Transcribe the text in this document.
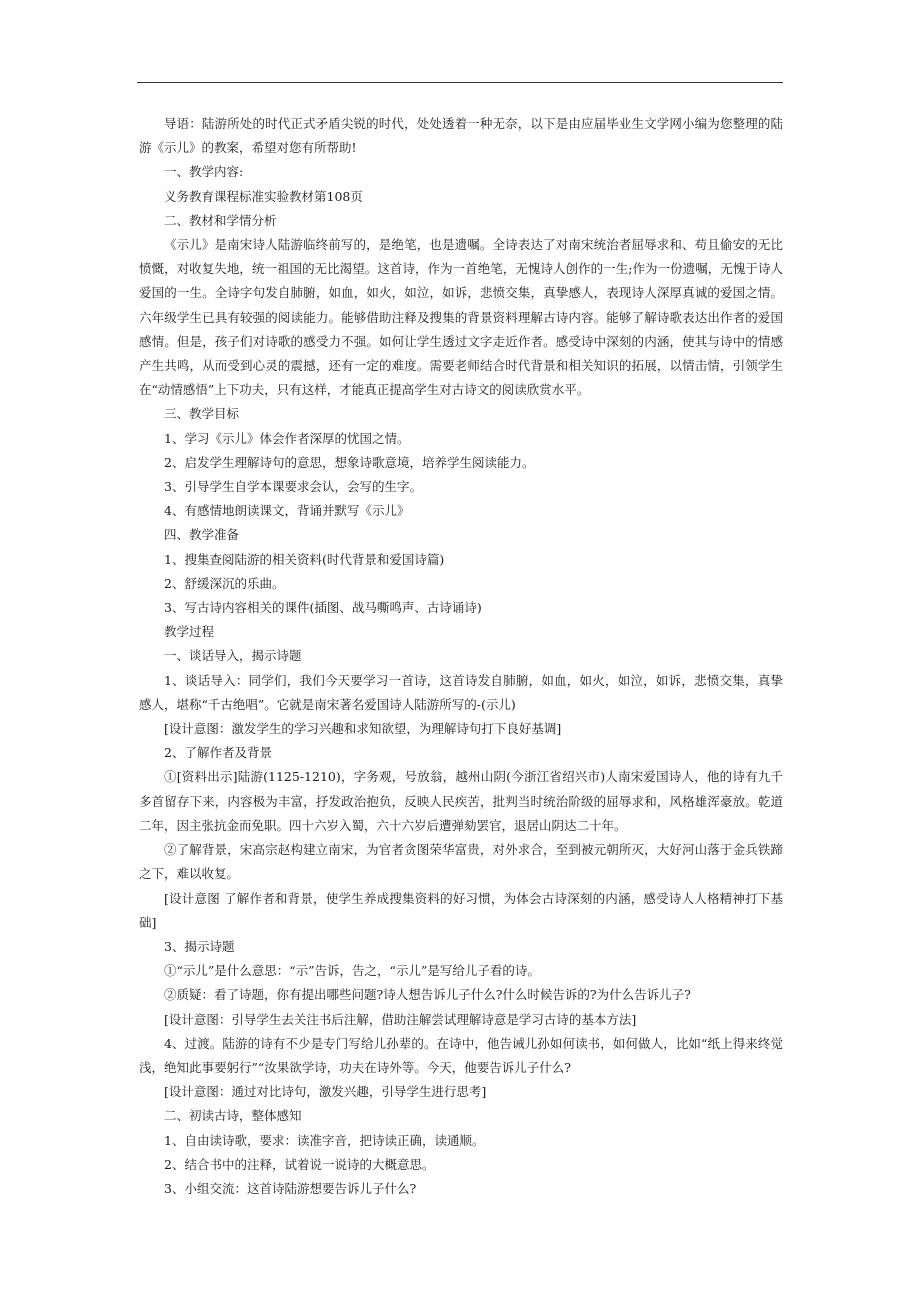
导语：陆游所处的时代正式矛盾尖锐的时代，处处透着一种无奈，以下是由应届毕业生文学网小编为您整理的陆游《示儿》的教案，希望对您有所帮助!

一、教学内容:

义务教育课程标准实验教材第108页

二、教材和学情分析

《示儿》是南宋诗人陆游临终前写的，是绝笔，也是遗嘱。全诗表达了对南宋统治者屈辱求和、苟且偷安的无比愤慨，对收复失地，统一祖国的无比渴望。这首诗，作为一首绝笔，无愧诗人创作的一生;作为一份遗嘱，无愧于诗人爱国的一生。全诗字句发自肺腑，如血，如火，如泣，如诉，悲愤交集，真挚感人，表现诗人深厚真诚的爱国之情。六年级学生已具有较强的阅读能力。能够借助注释及搜集的背景资料理解古诗内容。能够了解诗歌表达出作者的爱国感情。但是，孩子们对诗歌的感受力不强。如何让学生透过文字走近作者。感受诗中深刻的内涵，使其与诗中的情感产生共鸣，从而受到心灵的震撼，还有一定的难度。需要老师结合时代背景和相关知识的拓展，以情击情，引领学生在“动情感悟”上下功夫，只有这样，才能真正提高学生对古诗文的阅读欣赏水平。

三、教学目标

1、学习《示儿》体会作者深厚的忧国之情。

2、启发学生理解诗句的意思，想象诗歌意境，培养学生阅读能力。

3、引导学生自学本课要求会认，会写的生字。

4、有感情地朗读课文，背诵并默写《示儿》

四、教学准备

1、搜集查阅陆游的相关资料(时代背景和爱国诗篇)

2、舒缓深沉的乐曲。

3、写古诗内容相关的课件(插图、战马嘶鸣声、古诗诵诗)

教学过程

一、谈话导入，揭示诗题

1、谈话导入：同学们，我们今天要学习一首诗，这首诗发自肺腑，如血，如火，如泣，如诉，悲愤交集，真挚感人，堪称“千古绝唱”。它就是南宋著名爱国诗人陆游所写的-(示儿)

[设计意图：激发学生的学习兴趣和求知欲望，为理解诗句打下良好基调]

2、了解作者及背景

①[资料出示]陆游(1125-1210)，字务观，号放翁，越州山阴(今浙江省绍兴市)人南宋爱国诗人，他的诗有九千多首留存下来，内容极为丰富，抒发政治抱负，反映人民疾苦，批判当时统治阶级的屈辱求和，风格雄浑豪放。乾道二年，因主张抗金而免职。四十六岁入蜀，六十六岁后遭弹劾罢官，退居山阴达二十年。

②了解背景，宋高宗赵构建立南宋，为官者贪图荣华富贵，对外求合，至到被元朝所灭，大好河山落于金兵铁蹄之下，难以收复。

[设计意图 了解作者和背景，使学生养成搜集资料的好习惯，为体会古诗深刻的内涵，感受诗人人格精神打下基础]

3、揭示诗题

①“示儿”是什么意思：“示”告诉，告之，“示儿”是写给儿子看的诗。

②质疑：看了诗题，你有提出哪些问题?诗人想告诉儿子什么?什么时候告诉的?为什么告诉儿子?

[设计意图：引导学生去关注书后注解，借助注解尝试理解诗意是学习古诗的基本方法]

4、过渡。陆游的诗有不少是专门写给儿孙辈的。在诗中，他告诫儿孙如何读书，如何做人，比如“纸上得来终觉浅，绝知此事要躬行”“汝果欲学诗，功夫在诗外等。今天，他要告诉儿子什么?

[设计意图：通过对比诗句，激发兴趣，引导学生进行思考]

二、初读古诗，整体感知

1、自由读诗歌，要求：读准字音，把诗读正确，读通顺。

2、结合书中的注释，试着说一说诗的大概意思。

3、小组交流：这首诗陆游想要告诉儿子什么?
